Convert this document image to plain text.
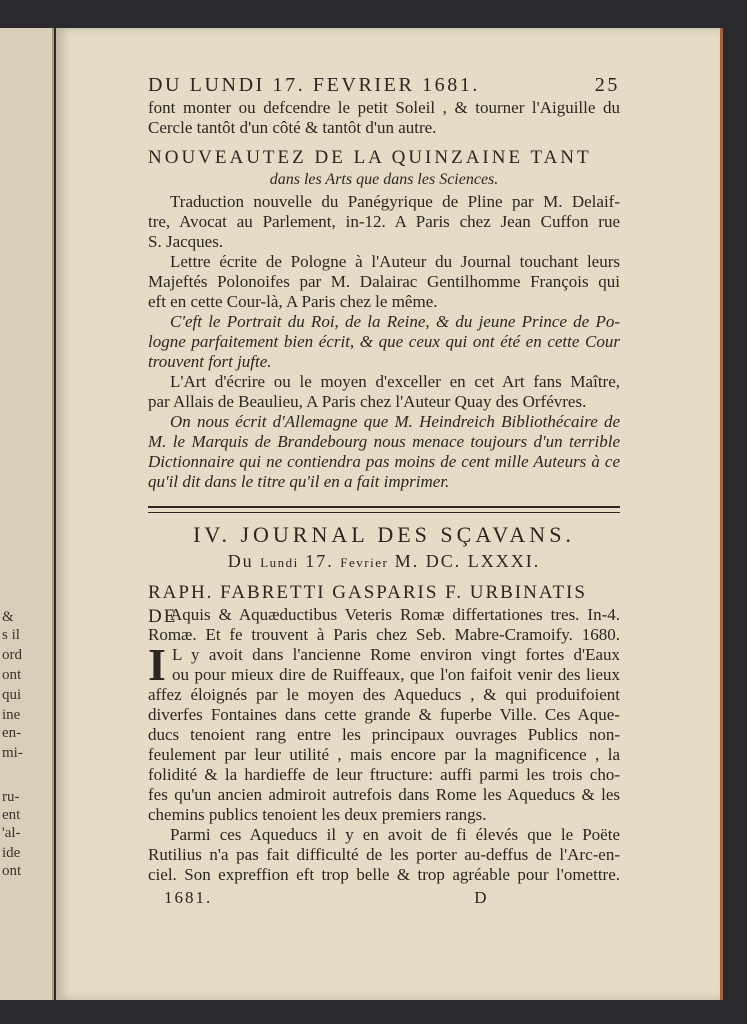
&
s il
ord
ont
qui
ine
en-
mi-
ru-
ent
'al-
ide
ont
DU LUNDI 17. FEVRIER 1681.	25
font monter ou defcendre le petit Soleil , & tourner l'Aiguille du
Cercle tantôt d'un côté & tantôt d'un autre.
NOUVEAUTEZ DE LA QUINZAINE TANT
dans les Arts que dans les Sciences.
Traduction nouvelle du Panégyrique de Pline par M. Delaif-
tre, Avocat au Parlement, in-12. A Paris chez Jean Cuffon rue
S. Jacques.
Lettre écrite de Pologne à l'Auteur du Journal touchant leurs
Majeftés Polonoifes par M. Dalairac Gentilhomme François qui
eft en cette Cour-là, A Paris chez le même.
C'eft le Portrait du Roi, de la Reine, & du jeune Prince de Po-
logne parfaitement bien écrit, & que ceux qui ont été en cette Cour
trouvent fort jufte.
L'Art d'écrire ou le moyen d'exceller en cet Art fans Maître,
par Allais de Beaulieu, A Paris chez l'Auteur Quay des Orfévres.
On nous écrit d'Allemagne que M. Heindreich Bibliothécaire de
M. le Marquis de Brandebourg nous menace toujours d'un terrible
Dictionnaire qui ne contiendra pas moins de cent mille Auteurs à ce
qu'il dit dans le titre qu'il en a fait imprimer.
IV. JOURNAL DES SÇAVANS.
Du Lundi 17. Fevrier M. DC. LXXXI.
RAPH. FABRETTI GASPARIS F. URBINATIS DE
Aquis & Aquæductibus Veteris Romæ differtationes tres. In-4.
Romæ. Et fe trouvent à Paris chez Seb. Mabre-Cramoify. 1680.
I L y avoit dans l'ancienne Rome environ vingt fortes d'Eaux
ou pour mieux dire de Ruiffeaux, que l'on faifoit venir des lieux
affez éloignés par le moyen des Aqueducs , & qui produifoient
diverfes Fontaines dans cette grande & fuperbe Ville. Ces Aque-
ducs tenoient rang entre les principaux ouvrages Publics non-
feulement par leur utilité , mais encore par la magnificence , la
folidité & la hardieffe de leur ftructure: auffi parmi les trois cho-
fes qu'un ancien admiroit autrefois dans Rome les Aqueducs & les
chemins publics tenoient les deux premiers rangs.
Parmi ces Aqueducs il y en avoit de fi élevés que le Poëte
Rutilius n'a pas fait difficulté de les porter au-deffus de l'Arc-en-
ciel. Son expreffion eft trop belle & trop agréable pour l'omettre.
1681.	D
